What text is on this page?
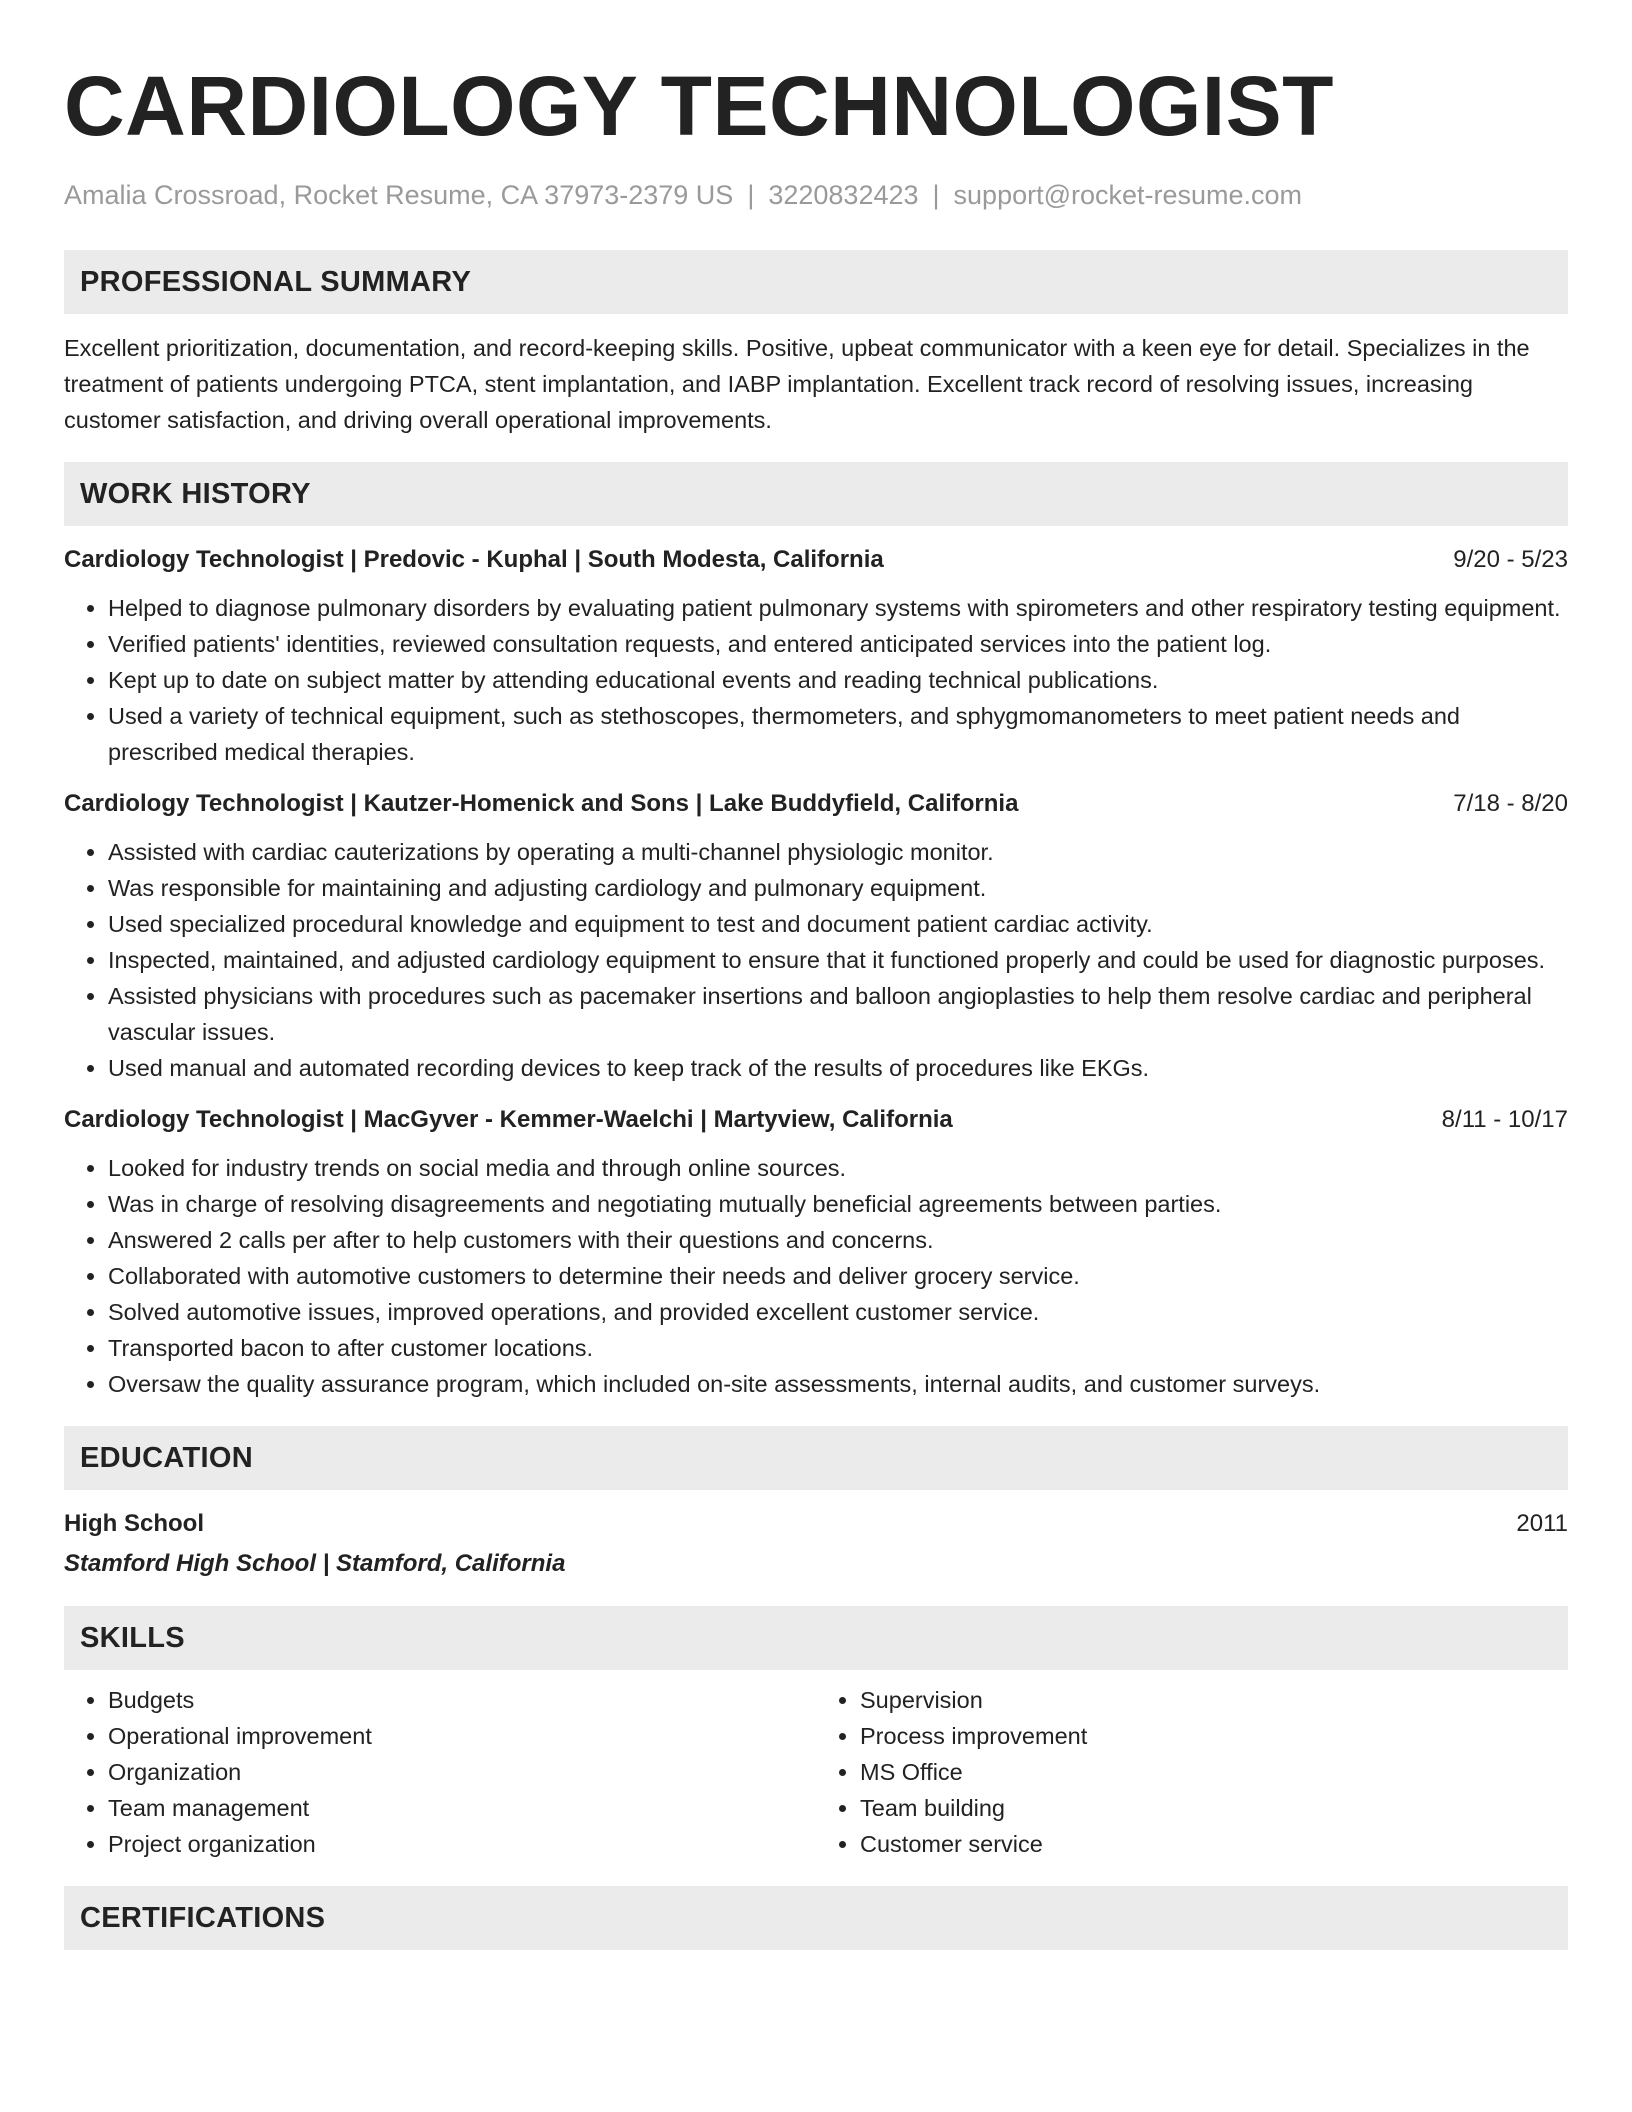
CARDIOLOGY TECHNOLOGIST
Amalia Crossroad, Rocket Resume, CA 37973-2379 US | 3220832423 | support@rocket-resume.com
PROFESSIONAL SUMMARY
Excellent prioritization, documentation, and record-keeping skills. Positive, upbeat communicator with a keen eye for detail. Specializes in the treatment of patients undergoing PTCA, stent implantation, and IABP implantation. Excellent track record of resolving issues, increasing customer satisfaction, and driving overall operational improvements.
WORK HISTORY
Cardiology Technologist | Predovic - Kuphal | South Modesta, California	9/20 - 5/23
• Helped to diagnose pulmonary disorders by evaluating patient pulmonary systems with spirometers and other respiratory testing equipment.
• Verified patients' identities, reviewed consultation requests, and entered anticipated services into the patient log.
• Kept up to date on subject matter by attending educational events and reading technical publications.
• Used a variety of technical equipment, such as stethoscopes, thermometers, and sphygmomanometers to meet patient needs and prescribed medical therapies.
Cardiology Technologist | Kautzer-Homenick and Sons | Lake Buddyfield, California	7/18 - 8/20
• Assisted with cardiac cauterizations by operating a multi-channel physiologic monitor.
• Was responsible for maintaining and adjusting cardiology and pulmonary equipment.
• Used specialized procedural knowledge and equipment to test and document patient cardiac activity.
• Inspected, maintained, and adjusted cardiology equipment to ensure that it functioned properly and could be used for diagnostic purposes.
• Assisted physicians with procedures such as pacemaker insertions and balloon angioplasties to help them resolve cardiac and peripheral vascular issues.
• Used manual and automated recording devices to keep track of the results of procedures like EKGs.
Cardiology Technologist | MacGyver - Kemmer-Waelchi | Martyview, California	8/11 - 10/17
• Looked for industry trends on social media and through online sources.
• Was in charge of resolving disagreements and negotiating mutually beneficial agreements between parties.
• Answered 2 calls per after to help customers with their questions and concerns.
• Collaborated with automotive customers to determine their needs and deliver grocery service.
• Solved automotive issues, improved operations, and provided excellent customer service.
• Transported bacon to after customer locations.
• Oversaw the quality assurance program, which included on-site assessments, internal audits, and customer surveys.
EDUCATION
High School	2011
Stamford High School | Stamford, California
SKILLS
• Budgets
• Operational improvement
• Organization
• Team management
• Project organization
• Supervision
• Process improvement
• MS Office
• Team building
• Customer service
CERTIFICATIONS
